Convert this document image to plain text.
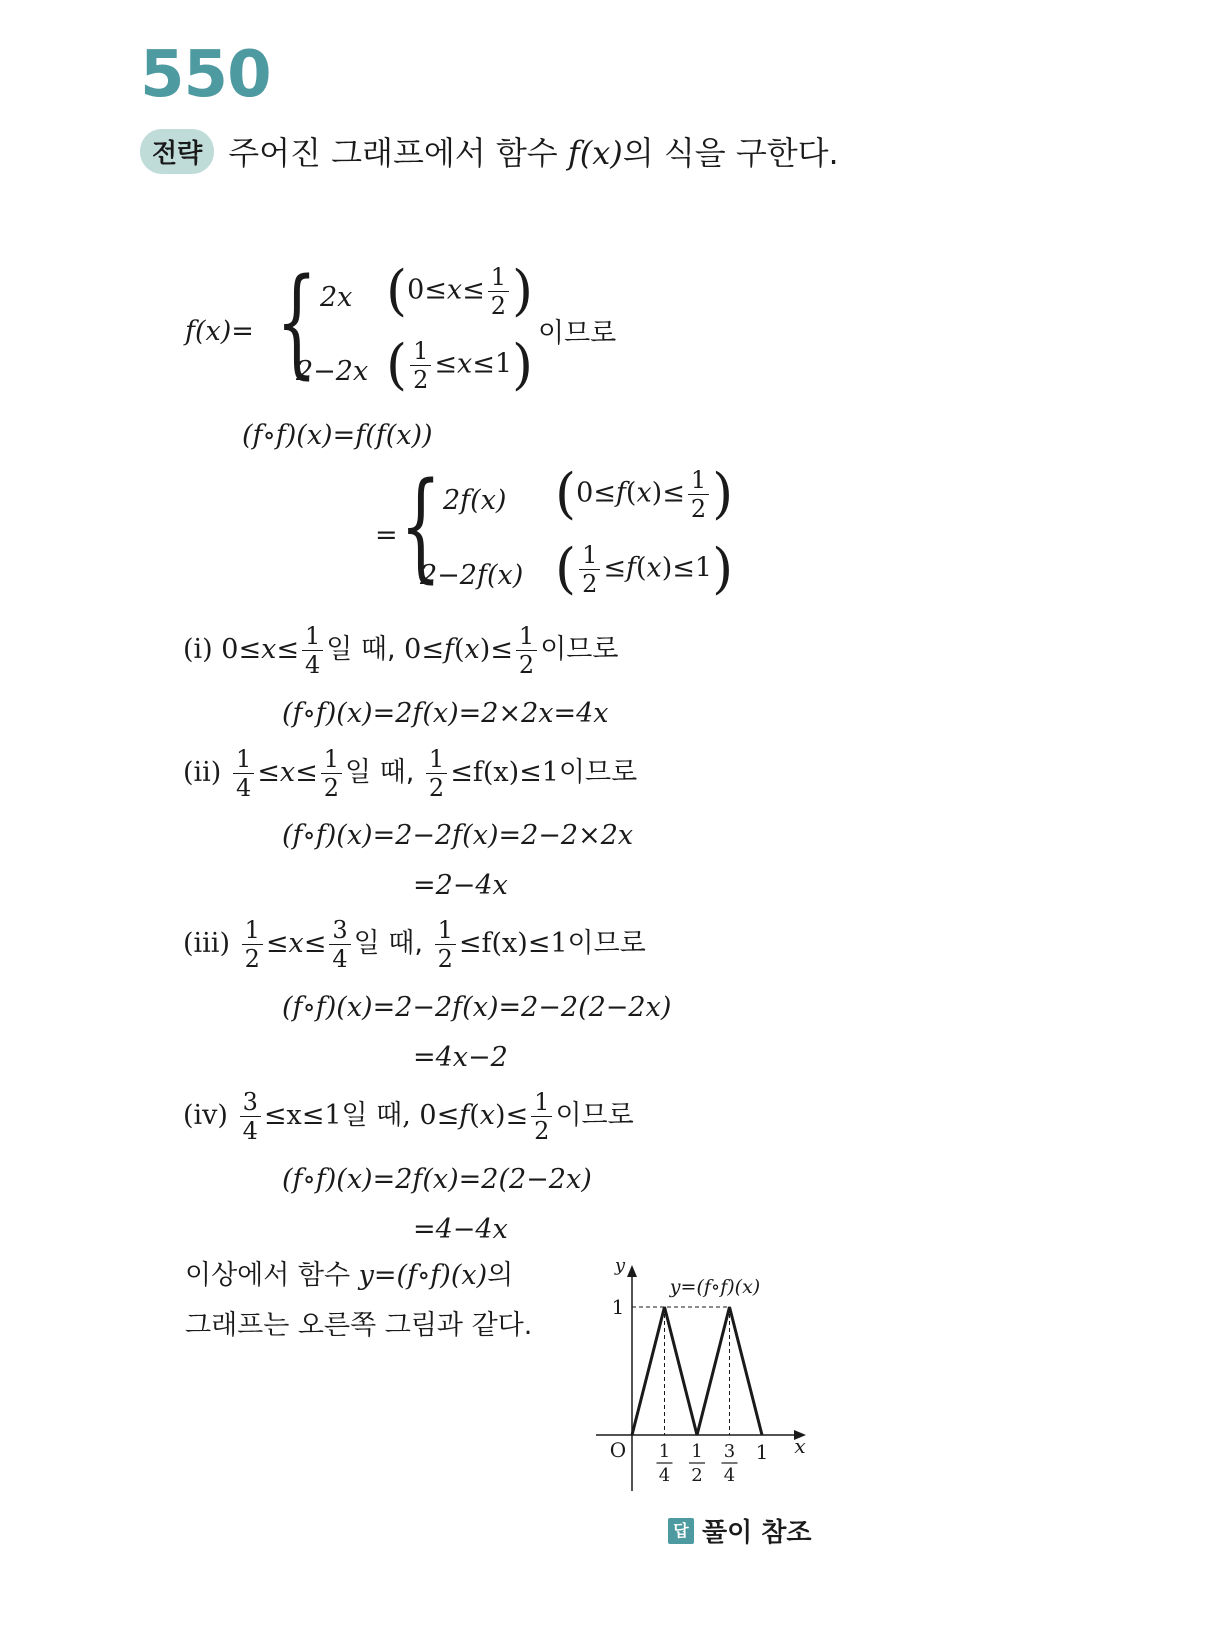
550
전략 주어진 그래프에서 함수 f(x)의 식을 구한다.
f(x)= { 2x ($0\le x\le \frac{1}{2}$ )
2−2x ( $\frac{1}{2} \le x\le 1$) 이므로
(f∘f)(x)=f(f(x))
= { 2f(x) ($0\le f(x)\le \frac{1}{2}$ )
2−2f(x) ( $\frac{1}{2} \le f(x)\le 1$)
(ⅰ) $0\le x\le \frac{1}{4}$ 일 때, $0\le f(x)\le \frac{1}{2}$ 이므로
(f∘f)(x)=2f(x)=2×2x=4x
(ⅱ) $\frac{1}{4} \le x\le \frac{1}{2}$ 일 때, $\frac{1}{2} \le f(x)\le 1$이므로
(f∘f)(x)=2−2f(x)=2−2×2x
=2−4x
(ⅲ) $\frac{1}{2} \le x\le \frac{3}{4}$ 일 때, $\frac{1}{2} \le f(x)\le 1$이므로
(f∘f)(x)=2−2f(x)=2−2(2−2x)
=4x−2
(ⅳ) $\frac{3}{4} \le x\le 1$일 때, $0\le f(x)\le \frac{1}{2}$ 이므로
(f∘f)(x)=2f(x)=2(2−2x)
=4−4x
이상에서 함수 y=(f∘f)(x)의
그래프는 오른쪽 그림과 같다.
y
x
O
1
1
y=(f∘f)(x)
1
4
1
2
3
4
답 풀이 참조
